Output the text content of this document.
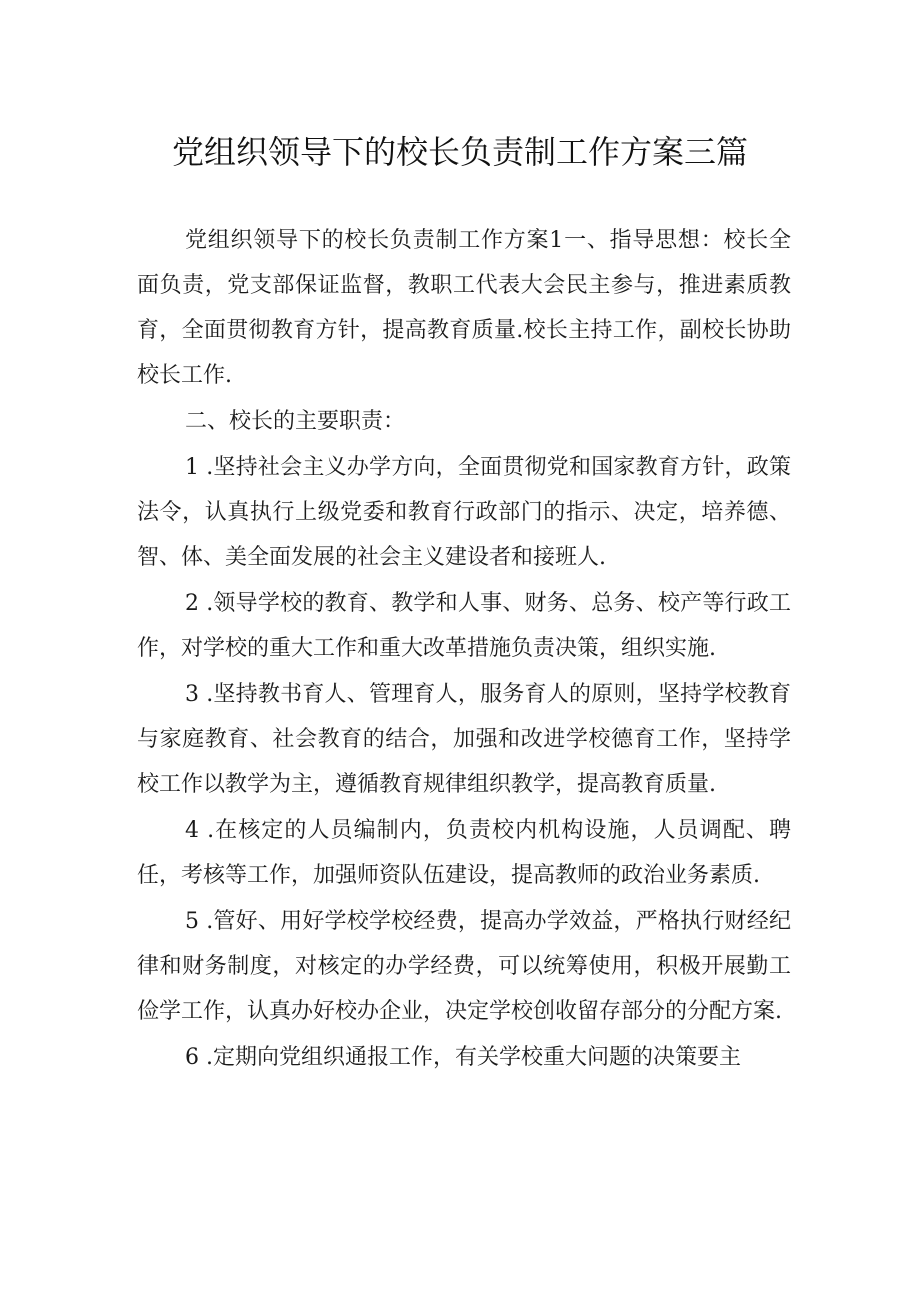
党组织领导下的校长负责制工作方案三篇

党组织领导下的校长负责制工作方案1一、指导思想：校长全面负责，党支部保证监督，教职工代表大会民主参与，推进素质教育，全面贯彻教育方针，提高教育质量.校长主持工作，副校长协助校长工作.

二、校长的主要职责：

1 .坚持社会主义办学方向，全面贯彻党和国家教育方针，政策法令，认真执行上级党委和教育行政部门的指示、决定，培养德、智、体、美全面发展的社会主义建设者和接班人.

2 .领导学校的教育、教学和人事、财务、总务、校产等行政工作，对学校的重大工作和重大改革措施负责决策，组织实施.

3 .坚持教书育人、管理育人，服务育人的原则，坚持学校教育与家庭教育、社会教育的结合，加强和改进学校德育工作，坚持学校工作以教学为主，遵循教育规律组织教学，提高教育质量.

4 .在核定的人员编制内，负责校内机构设施，人员调配、聘任，考核等工作，加强师资队伍建设，提高教师的政治业务素质.

5 .管好、用好学校学校经费，提高办学效益，严格执行财经纪律和财务制度，对核定的办学经费，可以统筹使用，积极开展勤工俭学工作，认真办好校办企业，决定学校创收留存部分的分配方案.

6 .定期向党组织通报工作，有关学校重大问题的决策要主
